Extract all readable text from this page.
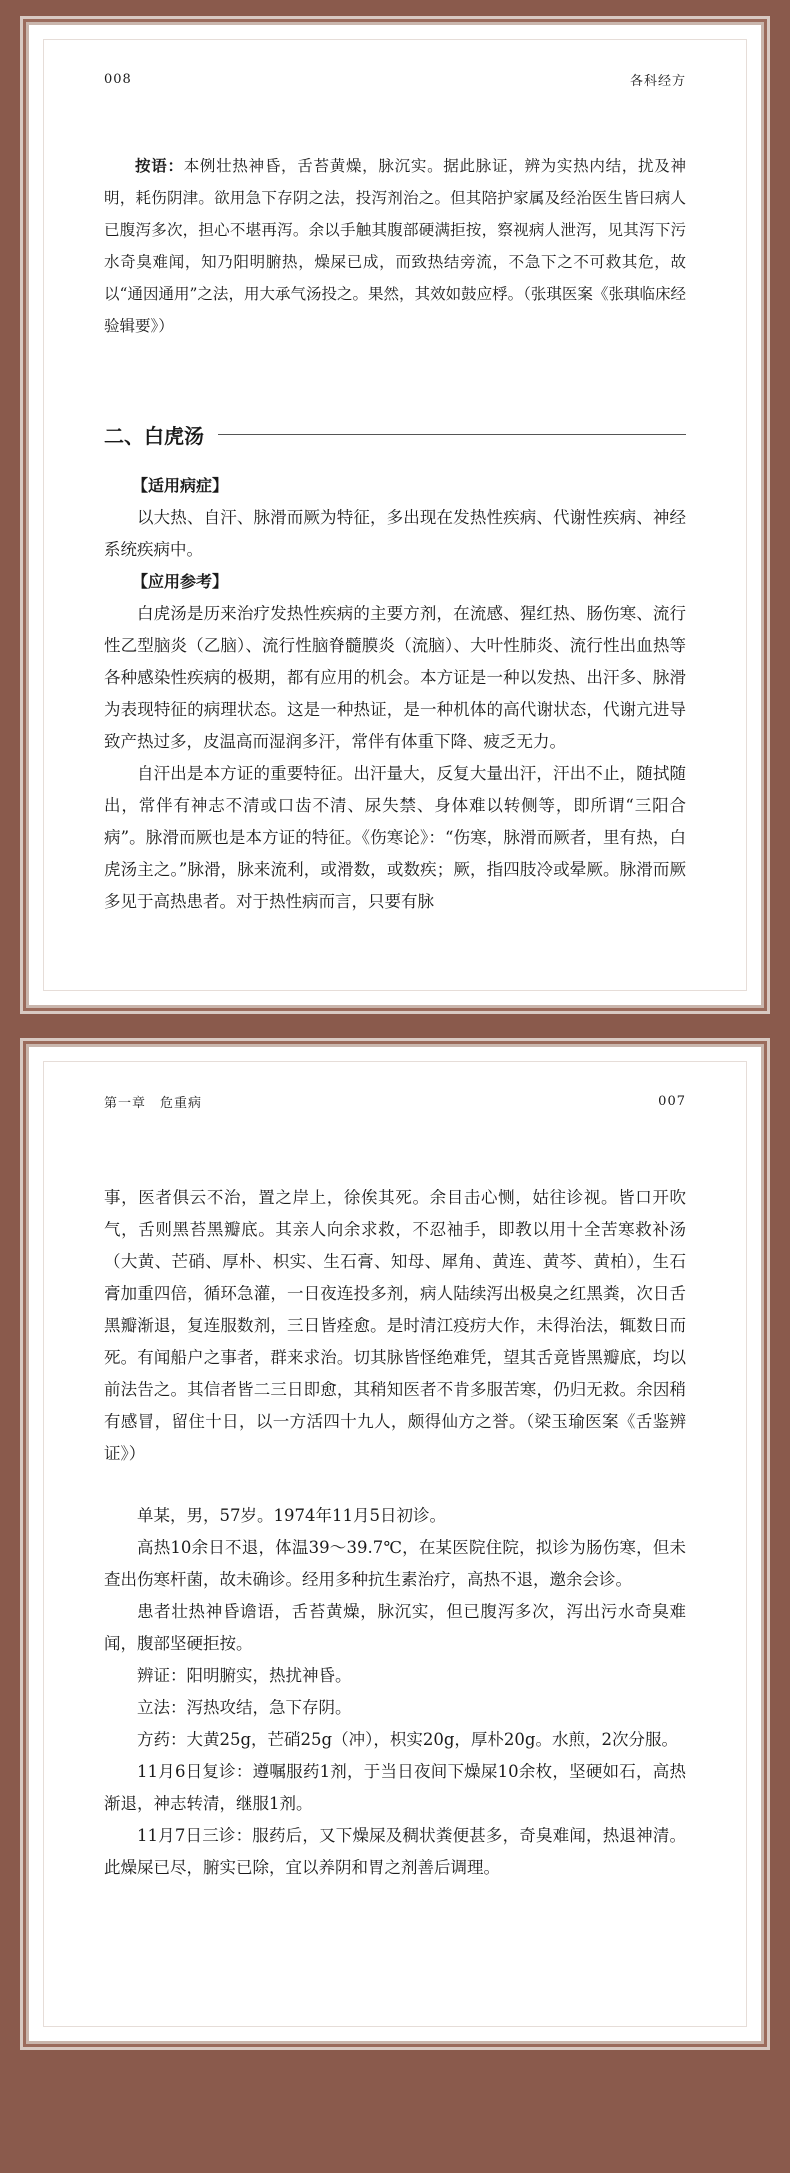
008	各科经方

按语：本例壮热神昏，舌苔黄燥，脉沉实。据此脉证，辨为实热内结，扰及神明，耗伤阴津。欲用急下存阴之法，投泻剂治之。但其陪护家属及经治医生皆曰病人已腹泻多次，担心不堪再泻。余以手触其腹部硬满拒按，察视病人泄泻，见其泻下污水奇臭难闻，知乃阳明腑热，燥屎已成，而致热结旁流，不急下之不可救其危，故以“通因通用”之法，用大承气汤投之。果然，其效如鼓应桴。（张琪医案《张琪临床经验辑要》）

二、白虎汤
【适用病症】

以大热、自汗、脉滑而厥为特征，多出现在发热性疾病、代谢性疾病、神经系统疾病中。

【应用参考】

白虎汤是历来治疗发热性疾病的主要方剂，在流感、猩红热、肠伤寒、流行性乙型脑炎（乙脑）、流行性脑脊髓膜炎（流脑）、大叶性肺炎、流行性出血热等各种感染性疾病的极期，都有应用的机会。本方证是一种以发热、出汗多、脉滑为表现特征的病理状态。这是一种热证，是一种机体的高代谢状态，代谢亢进导致产热过多，皮温高而湿润多汗，常伴有体重下降、疲乏无力。

自汗出是本方证的重要特征。出汗量大，反复大量出汗，汗出不止，随拭随出，常伴有神志不清或口齿不清、尿失禁、身体难以转侧等，即所谓“三阳合病”。脉滑而厥也是本方证的特征。《伤寒论》：“伤寒，脉滑而厥者，里有热，白虎汤主之。”脉滑，脉来流利，或滑数，或数疾；厥，指四肢冷或晕厥。脉滑而厥多见于高热患者。对于热性病而言，只要有脉

第一章　危重病	007

事，医者俱云不治，置之岸上，徐俟其死。余目击心恻，姑往诊视。皆口开吹气，舌则黑苔黑瓣底。其亲人向余求救，不忍袖手，即教以用十全苦寒救补汤（大黄、芒硝、厚朴、枳实、生石膏、知母、犀角、黄连、黄芩、黄柏），生石膏加重四倍，循环急灌，一日夜连投多剂，病人陆续泻出极臭之红黑粪，次日舌黑瓣渐退，复连服数剂，三日皆痊愈。是时清江疫疠大作，未得治法，辄数日而死。有闻船户之事者，群来求治。切其脉皆怪绝难凭，望其舌竟皆黑瓣底，均以前法告之。其信者皆二三日即愈，其稍知医者不肯多服苦寒，仍归无救。余因稍有感冒，留住十日，以一方活四十九人，颇得仙方之誉。（梁玉瑜医案《舌鉴辨证》）

单某，男，57岁。1974年11月5日初诊。

高热10余日不退，体温39～39.7℃，在某医院住院，拟诊为肠伤寒，但未查出伤寒杆菌，故未确诊。经用多种抗生素治疗，高热不退，邀余会诊。

患者壮热神昏谵语，舌苔黄燥，脉沉实，但已腹泻多次，泻出污水奇臭难闻，腹部坚硬拒按。

辨证：阳明腑实，热扰神昏。

立法：泻热攻结，急下存阴。

方药：大黄25g，芒硝25g（冲），枳实20g，厚朴20g。水煎，2次分服。

11月6日复诊：遵嘱服药1剂，于当日夜间下燥屎10余枚，坚硬如石，高热渐退，神志转清，继服1剂。

11月7日三诊：服药后，又下燥屎及稠状粪便甚多，奇臭难闻，热退神清。此燥屎已尽，腑实已除，宜以养阴和胃之剂善后调理。
